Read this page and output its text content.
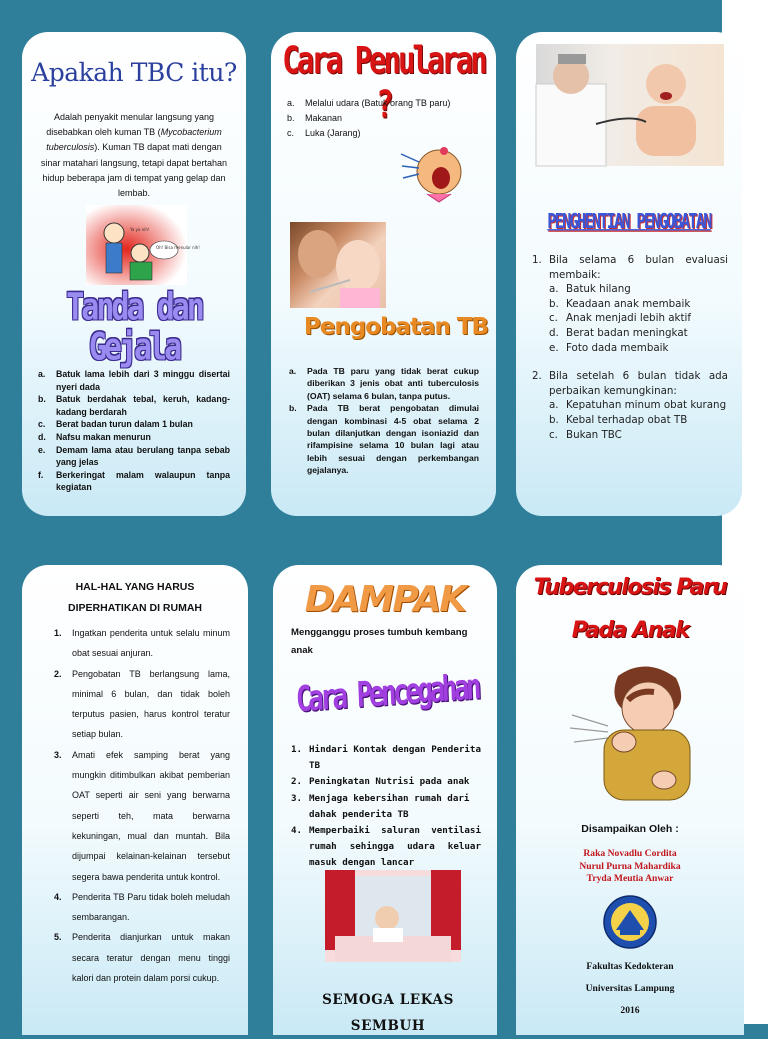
Apakah TBC itu?
Adalah penyakit menular langsung yang disebabkan oleh kuman TB (Mycobacterium tuberculosis). Kuman TB dapat mati dengan sinar matahari langsung, tetapi dapat bertahan hidup beberapa jam di tempat yang gelap dan lembab.
Oh! Bisa menular nih!
Ya ya nih!
Tanda dan Gejala
a. Batuk lama lebih dari 3 minggu disertai nyeri dada
b. Batuk berdahak tebal, keruh, kadang-kadang berdarah
c. Berat badan turun dalam 1 bulan
d. Nafsu makan menurun
e. Demam lama atau berulang tanpa sebab yang jelas
f. Berkeringat malam walaupun tanpa kegiatan
Cara Penularan ?
a. Melalui udara (Batuk orang TB paru)
b. Makanan
c. Luka (Jarang)
Pengobatan TB
a. Pada TB paru yang tidak berat cukup diberikan 3 jenis obat anti tuberculosis (OAT) selama 6 bulan, tanpa putus.
b. Pada TB berat pengobatan dimulai dengan kombinasi 4-5 obat selama 2 bulan dilanjutkan dengan isoniazid dan rifampisine selama 10 bulan lagi atau lebih sesuai dengan perkembangan gejalanya.
PENGHENTIAN PENGOBATAN
1. Bila selama 6 bulan evaluasi membaik:
a. Batuk hilang
b. Keadaan anak membaik
c. Anak menjadi lebih aktif
d. Berat badan meningkat
e. Foto dada membaik
2. Bila setelah 6 bulan tidak ada perbaikan kemungkinan:
a. Kepatuhan minum obat kurang
b. Kebal terhadap obat TB
c. Bukan TBC
HAL-HAL YANG HARUS
DIPERHATIKAN DI RUMAH
1. Ingatkan penderita untuk selalu minum obat sesuai anjuran.
2. Pengobatan TB berlangsung lama, minimal 6 bulan, dan tidak boleh terputus pasien, harus kontrol teratur setiap bulan.
3. Amati efek samping berat yang mungkin ditimbulkan akibat pemberian OAT seperti air seni yang berwarna seperti teh, mata berwarna kekuningan, mual dan muntah. Bila dijumpai kelainan-kelainan tersebut segera bawa penderita untuk kontrol.
4. Penderita TB Paru tidak boleh meludah sembarangan.
5. Penderita dianjurkan untuk makan secara teratur dengan menu tinggi kalori dan protein dalam porsi cukup.
DAMPAK
Mengganggu proses tumbuh kembang anak
Cara Pencegahan
1. Hindari Kontak dengan Penderita TB
2. Peningkatan Nutrisi pada anak
3. Menjaga kebersihan rumah dari dahak penderita TB
4. Memperbaiki saluran ventilasi rumah sehingga udara keluar masuk dengan lancar
SEMOGA LEKAS SEMBUH
Tuberculosis Paru
Pada Anak
Disampaikan Oleh :
Raka Novadlu Cordita
Nurul Purna Mahardika
Tryda Meutia Anwar
Fakultas Kedokteran
Universitas Lampung
2016
